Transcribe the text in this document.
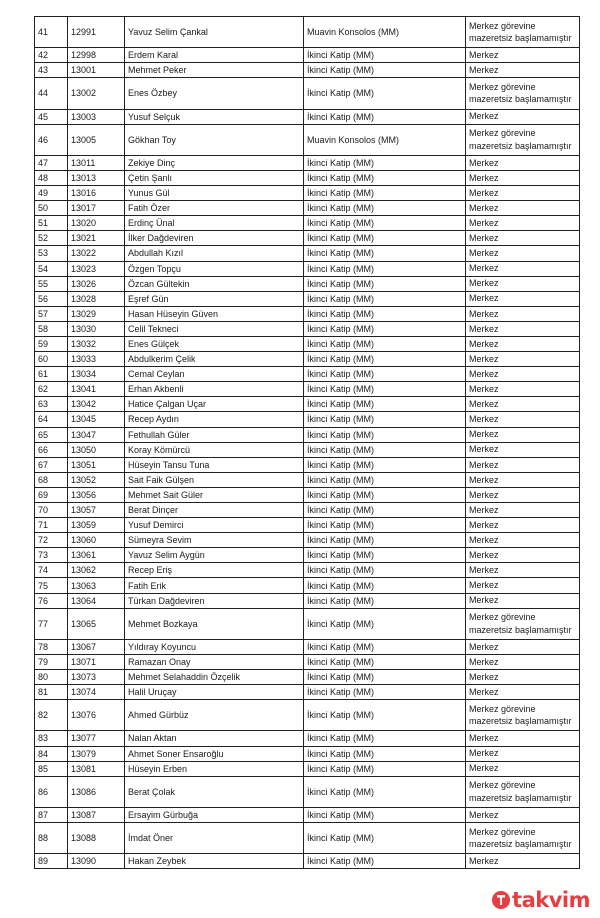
41	12991	Yavuz Selim Çankal	Muavin Konsolos (MM)	Merkez görevine mazeretsiz başlamamıştır
42	12998	Erdem Karal	İkinci Katip (MM)	Merkez
43	13001	Mehmet Peker	İkinci Katip (MM)	Merkez
44	13002	Enes Özbey	İkinci Katip (MM)	Merkez görevine mazeretsiz başlamamıştır
45	13003	Yusuf Selçuk	İkinci Katip (MM)	Merkez
46	13005	Gökhan Toy	Muavin Konsolos (MM)	Merkez görevine mazeretsiz başlamamıştır
47	13011	Zekiye Dinç	İkinci Katip (MM)	Merkez
48	13013	Çetin Şanlı	İkinci Katip (MM)	Merkez
49	13016	Yunus Gül	İkinci Katip (MM)	Merkez
50	13017	Fatih Özer	İkinci Katip (MM)	Merkez
51	13020	Erdinç Ünal	İkinci Katip (MM)	Merkez
52	13021	İlker Dağdeviren	İkinci Katip (MM)	Merkez
53	13022	Abdullah Kızıl	İkinci Katip (MM)	Merkez
54	13023	Özgen Topçu	İkinci Katip (MM)	Merkez
55	13026	Özcan Gültekin	İkinci Katip (MM)	Merkez
56	13028	Eşref Gün	İkinci Katip (MM)	Merkez
57	13029	Hasan Hüseyin Güven	İkinci Katip (MM)	Merkez
58	13030	Celil Tekneci	İkinci Katip (MM)	Merkez
59	13032	Enes Gülçek	İkinci Katip (MM)	Merkez
60	13033	Abdulkerim Çelik	İkinci Katip (MM)	Merkez
61	13034	Cemal Ceylan	İkinci Katip (MM)	Merkez
62	13041	Erhan Akbenli	İkinci Katip (MM)	Merkez
63	13042	Hatice Çalgan Uçar	İkinci Katip (MM)	Merkez
64	13045	Recep Aydın	İkinci Katip (MM)	Merkez
65	13047	Fethullah Güler	İkinci Katip (MM)	Merkez
66	13050	Koray Kömürcü	İkinci Katip (MM)	Merkez
67	13051	Hüseyin Tansu Tuna	İkinci Katip (MM)	Merkez
68	13052	Sait Faik Gülşen	İkinci Katip (MM)	Merkez
69	13056	Mehmet Sait Güler	İkinci Katip (MM)	Merkez
70	13057	Berat Dinçer	İkinci Katip (MM)	Merkez
71	13059	Yusuf Demirci	İkinci Katip (MM)	Merkez
72	13060	Sümeyra Sevim	İkinci Katip (MM)	Merkez
73	13061	Yavuz Selim Aygün	İkinci Katip (MM)	Merkez
74	13062	Recep Eriş	İkinci Katip (MM)	Merkez
75	13063	Fatih Erik	İkinci Katip (MM)	Merkez
76	13064	Türkan Dağdeviren	İkinci Katip (MM)	Merkez
77	13065	Mehmet Bozkaya	İkinci Katip (MM)	Merkez görevine mazeretsiz başlamamıştır
78	13067	Yıldıray Koyuncu	İkinci Katip (MM)	Merkez
79	13071	Ramazan Onay	İkinci Katip (MM)	Merkez
80	13073	Mehmet Selahaddin Özçelik	İkinci Katip (MM)	Merkez
81	13074	Halil Uruçay	İkinci Katip (MM)	Merkez
82	13076	Ahmed Gürbüz	İkinci Katip (MM)	Merkez görevine mazeretsiz başlamamıştır
83	13077	Nalan Aktan	İkinci Katip (MM)	Merkez
84	13079	Ahmet Soner Ensaroğlu	İkinci Katip (MM)	Merkez
85	13081	Hüseyin Erben	İkinci Katip (MM)	Merkez
86	13086	Berat Çolak	İkinci Katip (MM)	Merkez görevine mazeretsiz başlamamıştır
87	13087	Ersayim Gürbuğa	İkinci Katip (MM)	Merkez
88	13088	İmdat Öner	İkinci Katip (MM)	Merkez görevine mazeretsiz başlamamıştır
89	13090	Hakan Zeybek	İkinci Katip (MM)	Merkez
takvim
